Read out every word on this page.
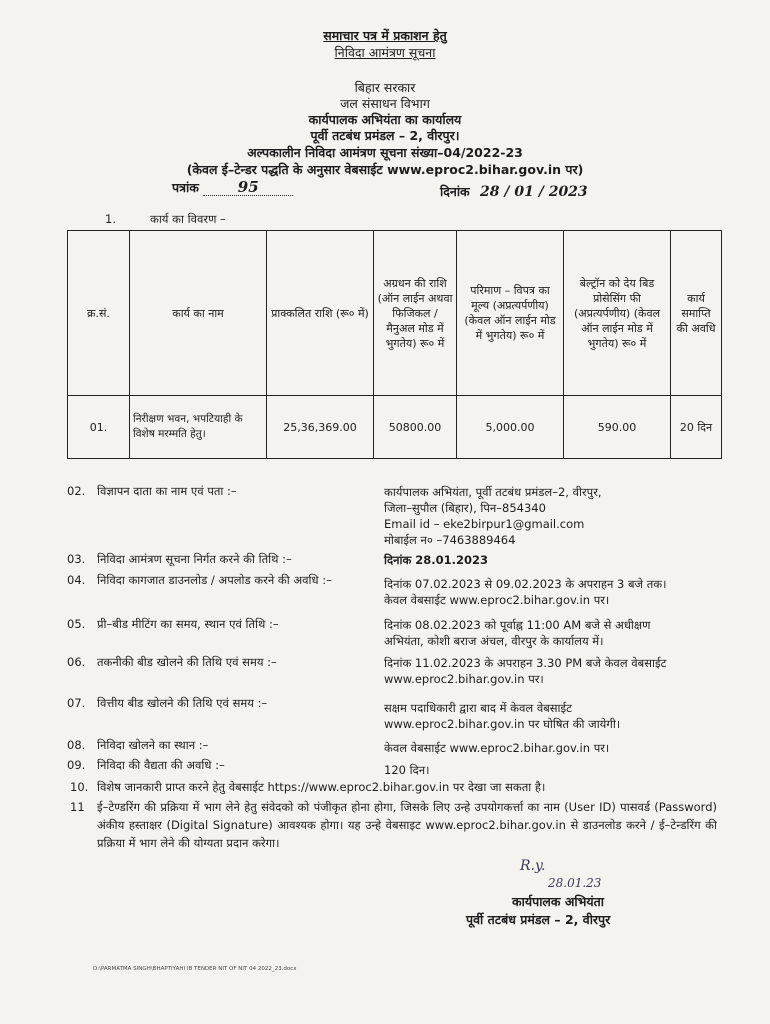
समाचार पत्र में प्रकाशन हेतु
निविदा आमंत्रण सूचना
बिहार सरकार
जल संसाधन विभाग
कार्यपालक अभियंता का कार्यालय
पूर्वी तटबंध प्रमंडल – 2, वीरपुर।
अल्पकालीन निविदा आमंत्रण सूचना संख्या–04/2022-23
(केवल ई–टेन्डर पद्धति के अनुसार वेबसाईट www.eproc2.bihar.gov.in पर)
पत्रांक	95	दिनांक 28 / 01 / 2023
1.	कार्य का विवरण –
क्र.सं.	कार्य का नाम	प्राक्कलित राशि (रू० में)	अग्रधन की राशि (ऑन लाईन अथवा फिजिकल / मैनुअल मोड में भुगतेय) रू० में	परिमाण – विपत्र का मूल्य (अप्रत्यर्पणीय) (केवल ऑन लाईन मोड में भुगतेय) रू० में	बेल्ट्रॉन को देय बिड प्रोसेसिंग फी (अप्रत्यर्पणीय) (केवल ऑन लाईन मोड में भुगतेय) रू० में	कार्य समाप्ति की अवधि
01.	निरीक्षण भवन, भपटियाही के विशेष मरम्मति हेतु।	25,36,369.00	50800.00	5,000.00	590.00	20 दिन
02. विज्ञापन दाता का नाम एवं पता :–	कार्यपालक अभियंता, पूर्वी तटबंध प्रमंडल–2, वीरपुर,
जिला–सुपौल (बिहार), पिन–854340
Email id – eke2birpur1@gmail.com
मोबाईल न० –7463889464
03. निविदा आमंत्रण सूचना निर्गत करने की तिथि :–	दिनांक 28.01.2023
04. निविदा कागजात डाउनलोड / अपलोड करने की अवधि :–	दिनांक 07.02.2023 से 09.02.2023 के अपराहन 3 बजे तक।
केवल वेबसाईट www.eproc2.bihar.gov.in पर।
05. प्री–बीड मीटिंग का समय, स्थान एवं तिथि :–	दिनांक 08.02.2023 को पूर्वाह्न 11:00 AM बजे से अधीक्षण
अभियंता, कोशी बराज अंचल, वीरपुर के कार्यालय में।
06. तकनीकी बीड खोलने की तिथि एवं समय :–	दिनांक 11.02.2023 के अपराहन 3.30 PM बजे केवल वेबसाईट
www.eproc2.bihar.gov.in पर।
07. वित्तीय बीड खोलने की तिथि एवं समय :–	सक्षम पदाधिकारी द्वारा बाद में केवल वेबसाईट
www.eproc2.bihar.gov.in पर घोषित की जायेगी।
08. निविदा खोलने का स्थान :–	केवल वेबसाईट www.eproc2.bihar.gov.in पर।
09. निविदा की वैद्यता की अवधि :–	120 दिन।
10. विशेष जानकारी प्राप्त करने हेतु वेबसाईट https://www.eproc2.bihar.gov.in पर देखा जा सकता है।
11 ई–टेण्डरिंग की प्रक्रिया में भाग लेने हेतु संवेदको को पंजीकृत होना होगा, जिसके लिए उन्हे उपयोगकर्त्ता का नाम (User ID) पासवर्ड (Password) अंकीय हस्ताक्षर (Digital Signature) आवश्यक होगा। यह उन्हे वेबसाइट www.eproc2.bihar.gov.in से डाउनलोड करने / ई–टेन्डरिंग की प्रक्रिया में भाग लेने की योग्यता प्रदान करेगा।
R.y.
28.01.23
कार्यपालक अभियंता
पूर्वी तटबंध प्रमंडल – 2, वीरपुर
D:\PARMATMA SINGH\BHAPTIYAHI IB TENDER NIT OF NIT 04 2022_23.docx
